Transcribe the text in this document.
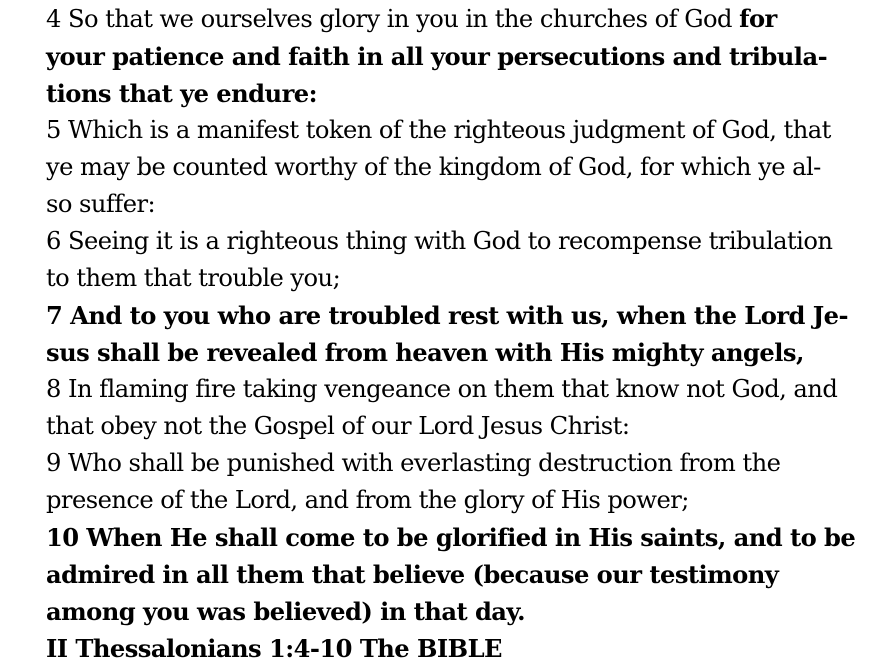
4 So that we ourselves glory in you in the churches of God for
your patience and faith in all your persecutions and tribula-
tions that ye endure:
5 Which is a manifest token of the righteous judgment of God, that
ye may be counted worthy of the kingdom of God, for which ye al-
so suffer:
6 Seeing it is a righteous thing with God to recompense tribulation
to them that trouble you;
7 And to you who are troubled rest with us, when the Lord Je-
sus shall be revealed from heaven with His mighty angels,
8 In flaming fire taking vengeance on them that know not God, and
that obey not the Gospel of our Lord Jesus Christ:
9 Who shall be punished with everlasting destruction from the
presence of the Lord, and from the glory of His power;
10 When He shall come to be glorified in His saints, and to be
admired in all them that believe (because our testimony
among you was believed) in that day.
II Thessalonians 1:4-10 The BIBLE
